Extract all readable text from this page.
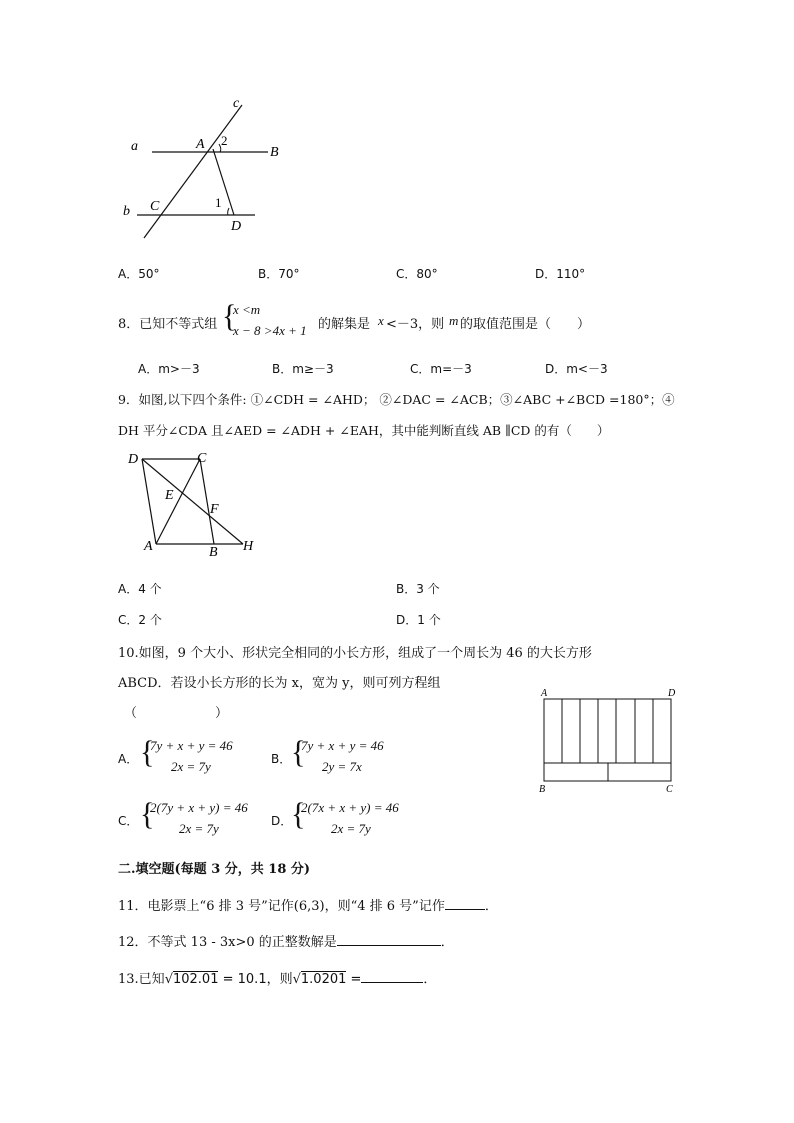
a
b
A
B
C
D
c
1
2
A．50°	B．70°	C．80°	D．110°
8．已知不等式组 {
x <m
x − 8 >4x + 1 的解集是 x <－3，则 m 的取值范围是（　　）
A．m>－3	B．m≥－3	C．m=－3	D．m<－3
9．如图,以下四个条件: ①∠CDH = ∠AHD； ②∠DAC = ∠ACB；③∠ABC +∠BCD =180°；④
DH 平分∠CDA 且∠AED = ∠ADH + ∠EAH，其中能判断直线 AB ∥CD 的有（　　）
D	C
E
F
A	B H
A．4 个	B．3 个
C．2 个	D．1 个
10.如图，9 个大小、形状完全相同的小长方形，组成了一个周长为 46 的大长方形
ABCD．若设小长方形的长为 x，宽为 y，则可列方程组
（　　　　　　）
A	D
B	C
A． {
7y + x + y = 46
2x = 7y	B． {
7y + x + y = 46
2y = 7x
C． {
2(7y + x + y) = 46
2x = 7y	D．
{
2(7x + x + y) = 46
2x = 7y
二.填空题(每题 3 分，共 18 分)
11．电影票上“6 排 3 号”记作(6,3)，则“4 排 6 号”记作	．
12．不等式 13 - 3x>0 的正整数解是	．
13.已知√102.01 = 10.1，则√1.0201 =	．
